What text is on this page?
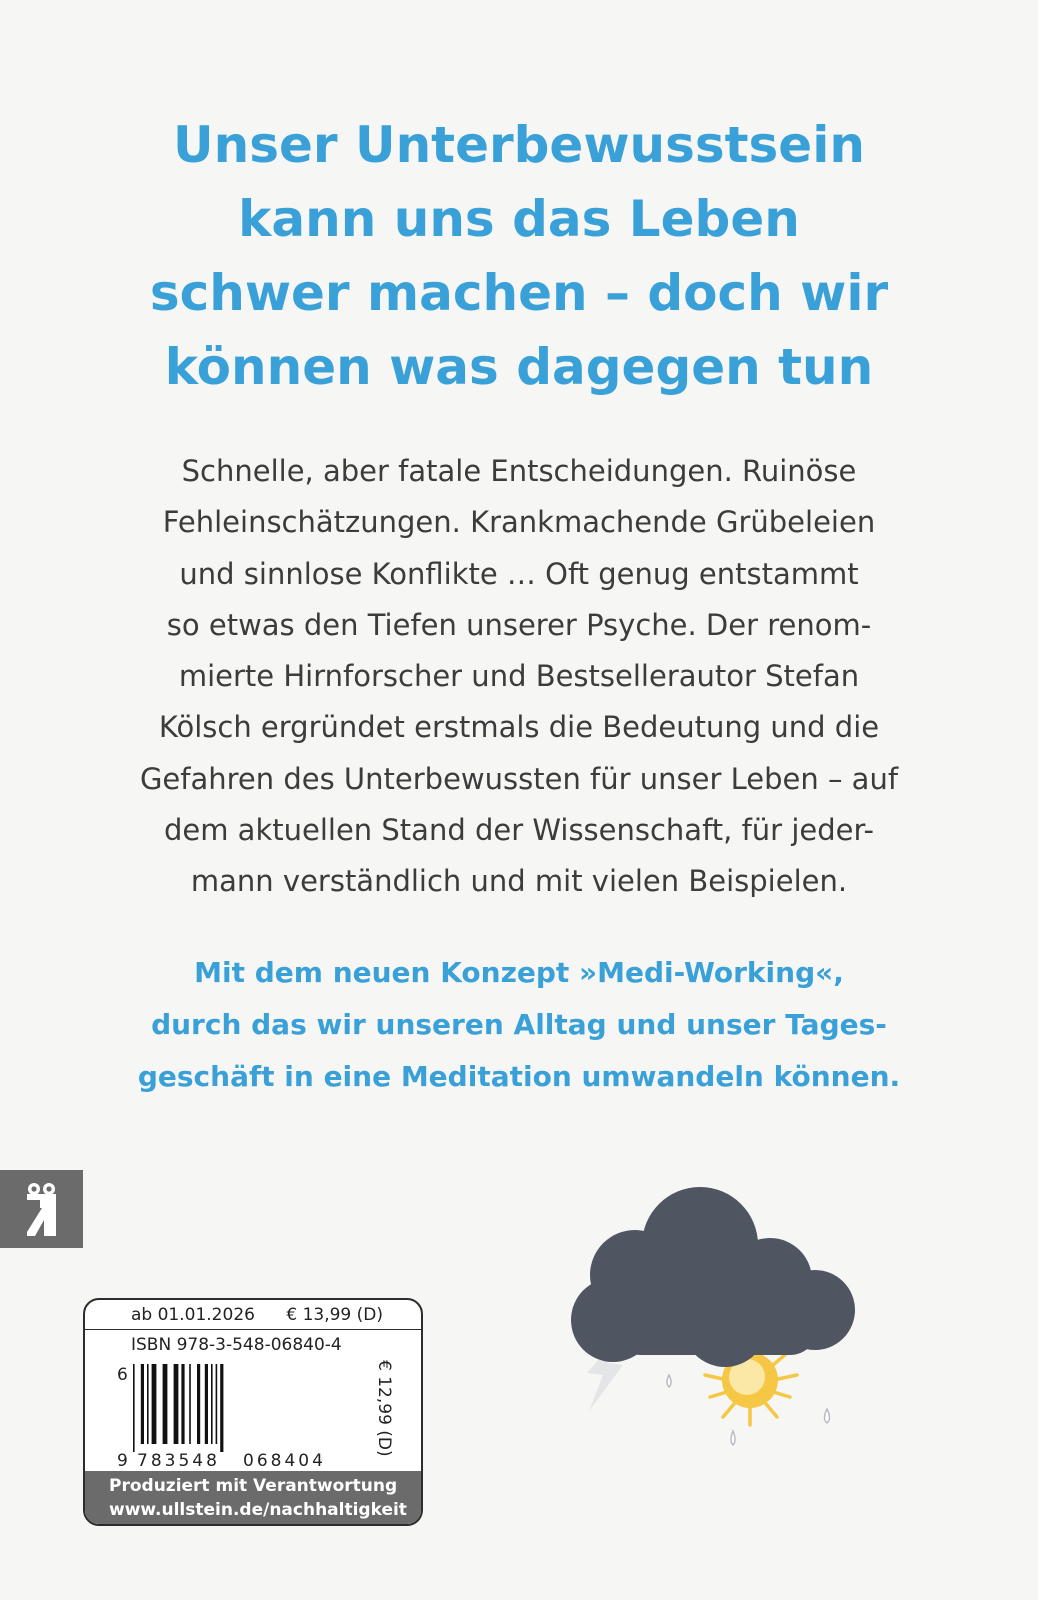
Unser Unterbewusstsein
kann uns das Leben
schwer machen – doch wir
können was dagegen tun
Schnelle, aber fatale Entscheidungen. Ruinöse
Fehleinschätzungen. Krankmachende Grübeleien
und sinnlose Konflikte … Oft genug entstammt
so etwas den Tiefen unserer Psyche. Der renom-
mierte Hirnforscher und Bestsellerautor Stefan
Kölsch ergründet erstmals die Bedeutung und die
Gefahren des Unterbewussten für unser Leben – auf
dem aktuellen Stand der Wissenschaft, für jeder-
mann verständlich und mit vielen Beispielen.
Mit dem neuen Konzept »Medi-Working«,
durch das wir unseren Alltag und unser Tages-
geschäft in eine Meditation umwandeln können.
ab 01.01.2026 € 13,99 (D)
ISBN 978-3-548-06840-4
6
9 783548 068404
€ 12,99 (D)
Produziert mit Verantwortung
www.ullstein.de/nachhaltigkeit
